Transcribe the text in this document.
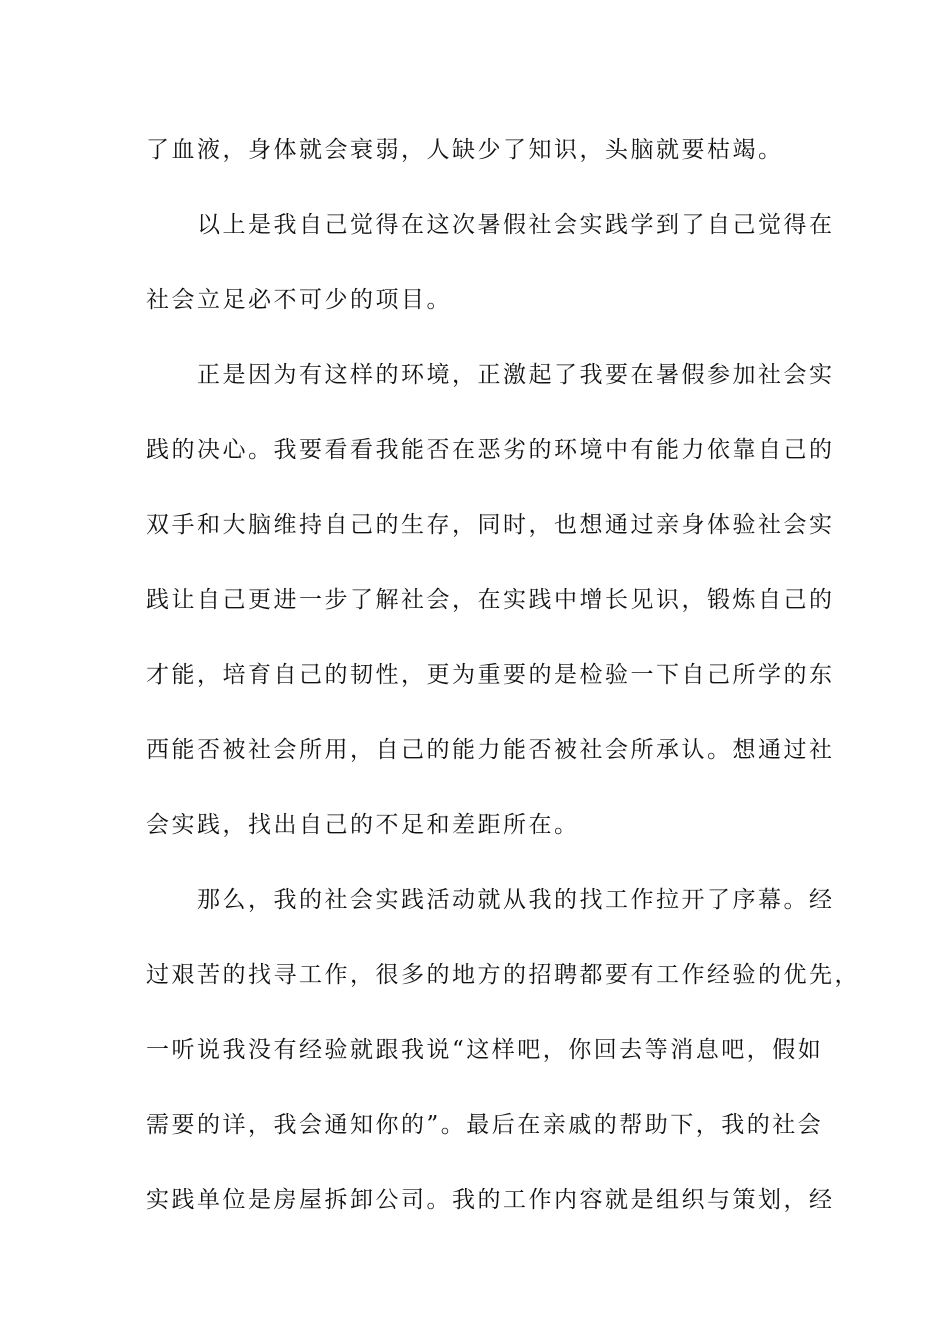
了血液，身体就会衰弱，人缺少了知识，头脑就要枯竭。
　　以上是我自己觉得在这次暑假社会实践学到了自己觉得在
社会立足必不可少的项目。
　　正是因为有这样的环境，正激起了我要在暑假参加社会实
践的决心。我要看看我能否在恶劣的环境中有能力依靠自己的
双手和大脑维持自己的生存，同时，也想通过亲身体验社会实
践让自己更进一步了解社会，在实践中增长见识，锻炼自己的
才能，培育自己的韧性，更为重要的是检验一下自己所学的东
西能否被社会所用，自己的能力能否被社会所承认。想通过社
会实践，找出自己的不足和差距所在。
　　那么，我的社会实践活动就从我的找工作拉开了序幕。经
过艰苦的找寻工作，很多的地方的招聘都要有工作经验的优先，
一听说我没有经验就跟我说“这样吧，你回去等消息吧，假如
需要的详，我会通知你的”。最后在亲戚的帮助下，我的社会
实践单位是房屋拆卸公司。我的工作内容就是组织与策划，经
